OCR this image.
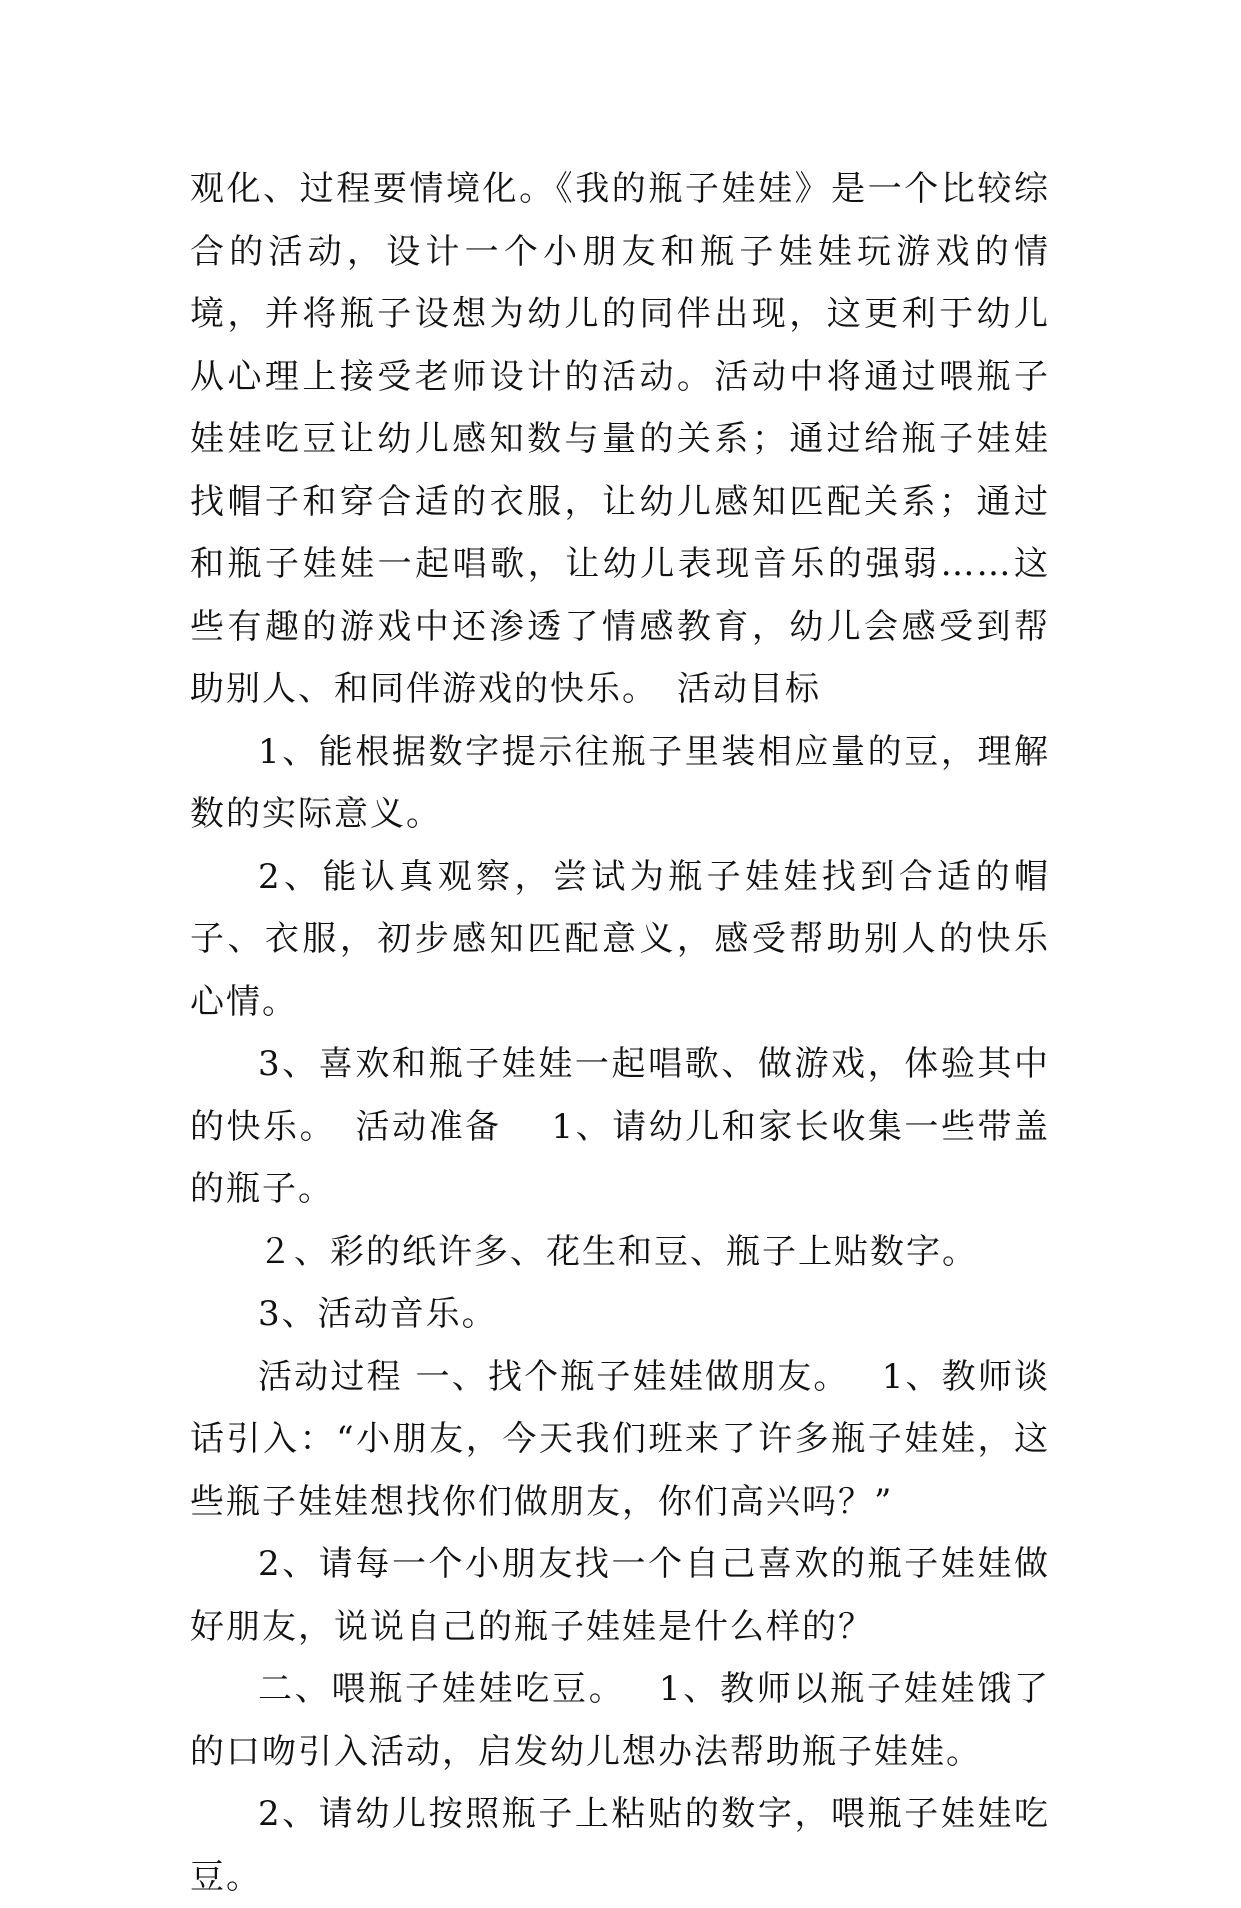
观化、过程要情境化。《我的瓶子娃娃》是一个比较综合的活动，设计一个小朋友和瓶子娃娃玩游戏的情境，并将瓶子设想为幼儿的同伴出现，这更利于幼儿从心理上接受老师设计的活动。活动中将通过喂瓶子娃娃吃豆让幼儿感知数与量的关系；通过给瓶子娃娃找帽子和穿合适的衣服，让幼儿感知匹配关系；通过和瓶子娃娃一起唱歌，让幼儿表现音乐的强弱……这些有趣的游戏中还渗透了情感教育，幼儿会感受到帮助别人、和同伴游戏的快乐。　活动目标

1、能根据数字提示往瓶子里装相应量的豆，理解数的实际意义。

2、能认真观察，尝试为瓶子娃娃找到合适的帽子、衣服，初步感知匹配意义，感受帮助别人的快乐心情。

3、喜欢和瓶子娃娃一起唱歌、做游戏，体验其中的快乐。　活动准备　 1、请幼儿和家长收集一些带盖的瓶子。

２、彩的纸许多、花生和豆、瓶子上贴数字。

3、活动音乐。

活动过程 一、找个瓶子娃娃做朋友。　 1、教师谈话引入：“小朋友，今天我们班来了许多瓶子娃娃，这些瓶子娃娃想找你们做朋友，你们高兴吗？”

2、请每一个小朋友找一个自己喜欢的瓶子娃娃做好朋友，说说自己的瓶子娃娃是什么样的？

二、喂瓶子娃娃吃豆。　 1、教师以瓶子娃娃饿了的口吻引入活动，启发幼儿想办法帮助瓶子娃娃。

2、请幼儿按照瓶子上粘贴的数字，喂瓶子娃娃吃豆。
